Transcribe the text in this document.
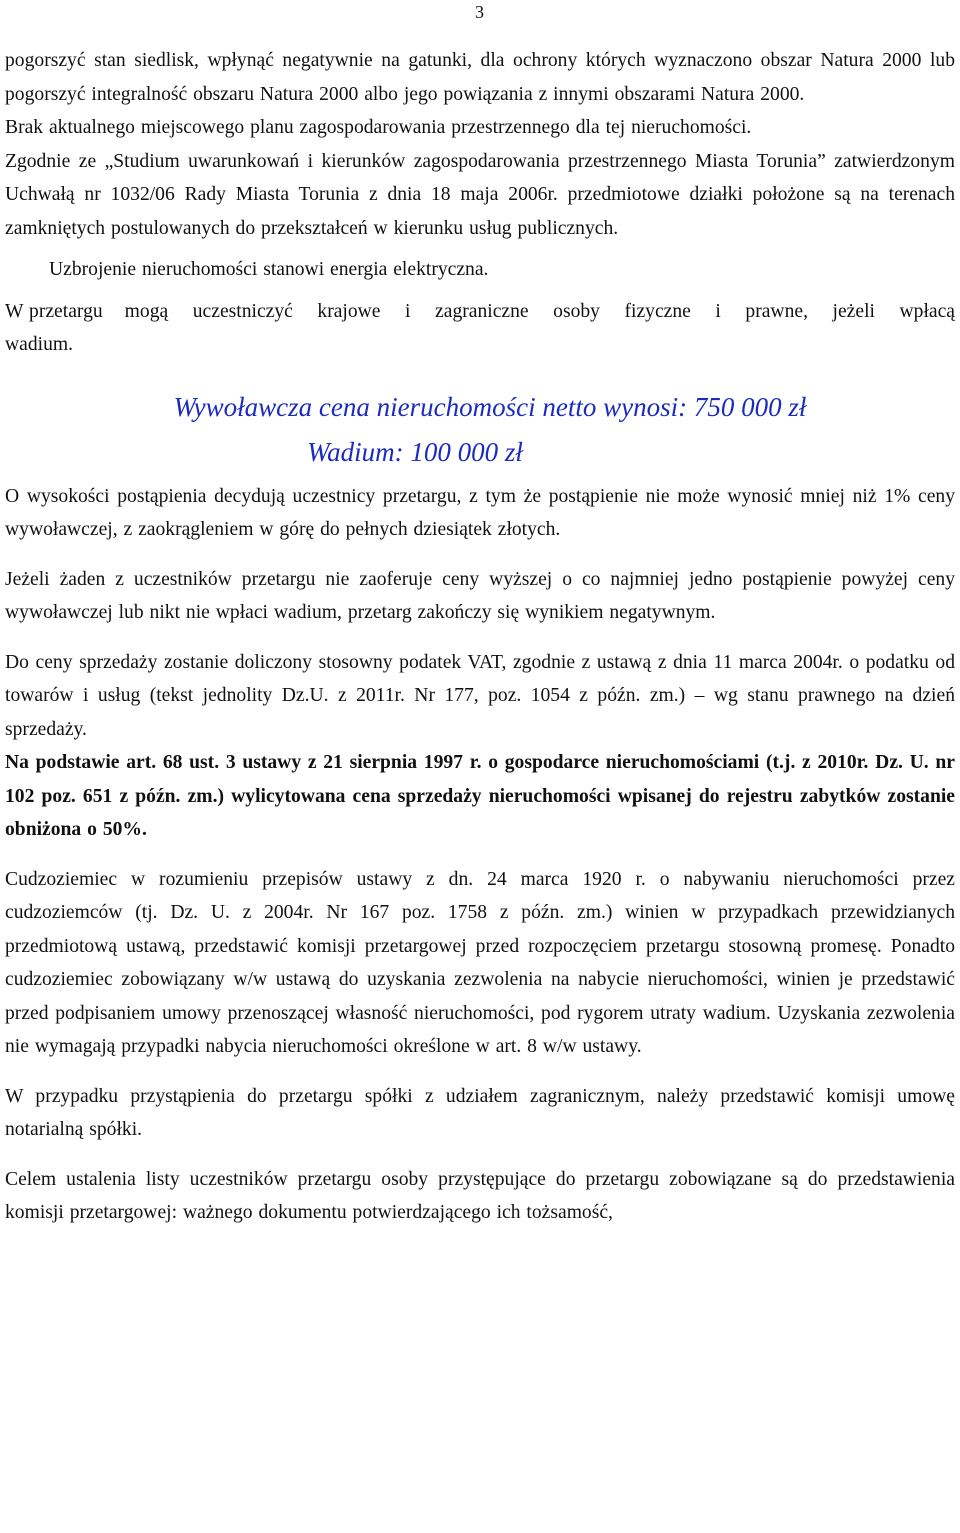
3

pogorszyć stan siedlisk, wpłynąć negatywnie na gatunki, dla ochrony których wyznaczono obszar Natura 2000 lub pogorszyć integralność obszaru Natura 2000 albo jego powiązania z innymi obszarami Natura 2000.

Brak aktualnego miejscowego planu zagospodarowania przestrzennego dla tej nieruchomości.

Zgodnie ze „Studium uwarunkowań i kierunków zagospodarowania przestrzennego Miasta Torunia” zatwierdzonym Uchwałą nr 1032/06 Rady Miasta Torunia z dnia 18 maja 2006r. przedmiotowe działki położone są na terenach zamkniętych postulowanych do przekształceń w kierunku usług publicznych.

Uzbrojenie nieruchomości stanowi energia elektryczna.

W przetargu mogą uczestniczyć krajowe i zagraniczne osoby fizyczne i prawne, jeżeli wpłacą

wadium.

Wywoławcza cena nieruchomości netto wynosi: 750 000 zł
Wadium: 100 000 zł

O wysokości postąpienia decydują uczestnicy przetargu, z tym że postąpienie nie może wynosić mniej niż 1% ceny wywoławczej, z zaokrągleniem w górę do pełnych dziesiątek złotych.

Jeżeli żaden z uczestników przetargu nie zaoferuje ceny wyższej o co najmniej jedno postąpienie powyżej ceny wywoławczej lub nikt nie wpłaci wadium, przetarg zakończy się wynikiem negatywnym.

Do ceny sprzedaży zostanie doliczony stosowny podatek VAT, zgodnie z ustawą z dnia 11 marca 2004r. o podatku od towarów i usług (tekst jednolity Dz.U. z 2011r. Nr 177, poz. 1054 z późn. zm.) – wg stanu prawnego na dzień sprzedaży.

Na podstawie art. 68 ust. 3 ustawy z 21 sierpnia 1997 r. o gospodarce nieruchomościami (t.j. z 2010r. Dz. U. nr 102 poz. 651 z późn. zm.) wylicytowana cena sprzedaży nieruchomości wpisanej do rejestru zabytków zostanie obniżona o 50%.

Cudzoziemiec w rozumieniu przepisów ustawy z dn. 24 marca 1920 r. o nabywaniu nieruchomości przez cudzoziemców (tj. Dz. U. z 2004r. Nr 167 poz. 1758 z późn. zm.) winien w przypadkach przewidzianych przedmiotową ustawą, przedstawić komisji przetargowej przed rozpoczęciem przetargu stosowną promesę. Ponadto cudzoziemiec zobowiązany w/w ustawą do uzyskania zezwolenia na nabycie nieruchomości, winien je przedstawić przed podpisaniem umowy przenoszącej własność nieruchomości, pod rygorem utraty wadium. Uzyskania zezwolenia nie wymagają przypadki nabycia nieruchomości określone w art. 8 w/w ustawy.

W przypadku przystąpienia do przetargu spółki z udziałem zagranicznym, należy przedstawić komisji umowę notarialną spółki.

Celem ustalenia listy uczestników przetargu osoby przystępujące do przetargu zobowiązane są do przedstawienia komisji przetargowej: ważnego dokumentu potwierdzającego ich tożsamość,
